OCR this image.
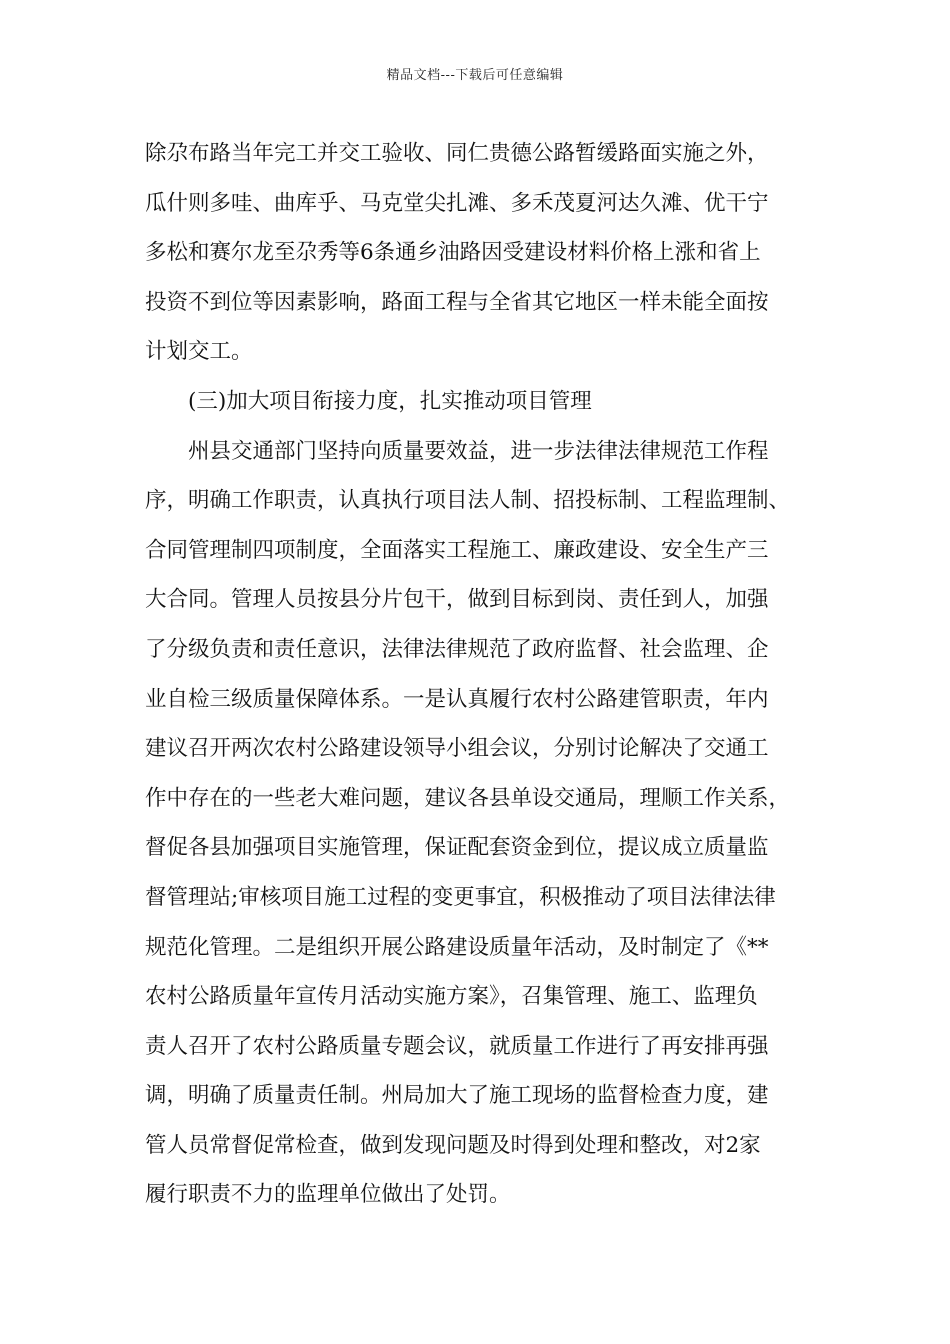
精品文档---下载后可任意编辑
除尕布路当年完工并交工验收、同仁贵德公路暂缓路面实施之外，
瓜什则多哇、曲库乎、马克堂尖扎滩、多禾茂夏河达久滩、优干宁
多松和赛尔龙至尕秀等6条通乡油路因受建设材料价格上涨和省上
投资不到位等因素影响，路面工程与全省其它地区一样未能全面按
计划交工。
(三)加大项目衔接力度，扎实推动项目管理
州县交通部门坚持向质量要效益，进一步法律法律规范工作程
序，明确工作职责，认真执行项目法人制、招投标制、工程监理制、
合同管理制四项制度，全面落实工程施工、廉政建设、安全生产三
大合同。管理人员按县分片包干，做到目标到岗、责任到人，加强
了分级负责和责任意识，法律法律规范了政府监督、社会监理、企
业自检三级质量保障体系。一是认真履行农村公路建管职责，年内
建议召开两次农村公路建设领导小组会议，分别讨论解决了交通工
作中存在的一些老大难问题，建议各县单设交通局，理顺工作关系，
督促各县加强项目实施管理，保证配套资金到位，提议成立质量监
督管理站;审核项目施工过程的变更事宜，积极推动了项目法律法律
规范化管理。二是组织开展公路建设质量年活动，及时制定了《**
农村公路质量年宣传月活动实施方案》，召集管理、施工、监理负
责人召开了农村公路质量专题会议，就质量工作进行了再安排再强
调，明确了质量责任制。州局加大了施工现场的监督检查力度，建
管人员常督促常检查，做到发现问题及时得到处理和整改，对2家
履行职责不力的监理单位做出了处罚。
